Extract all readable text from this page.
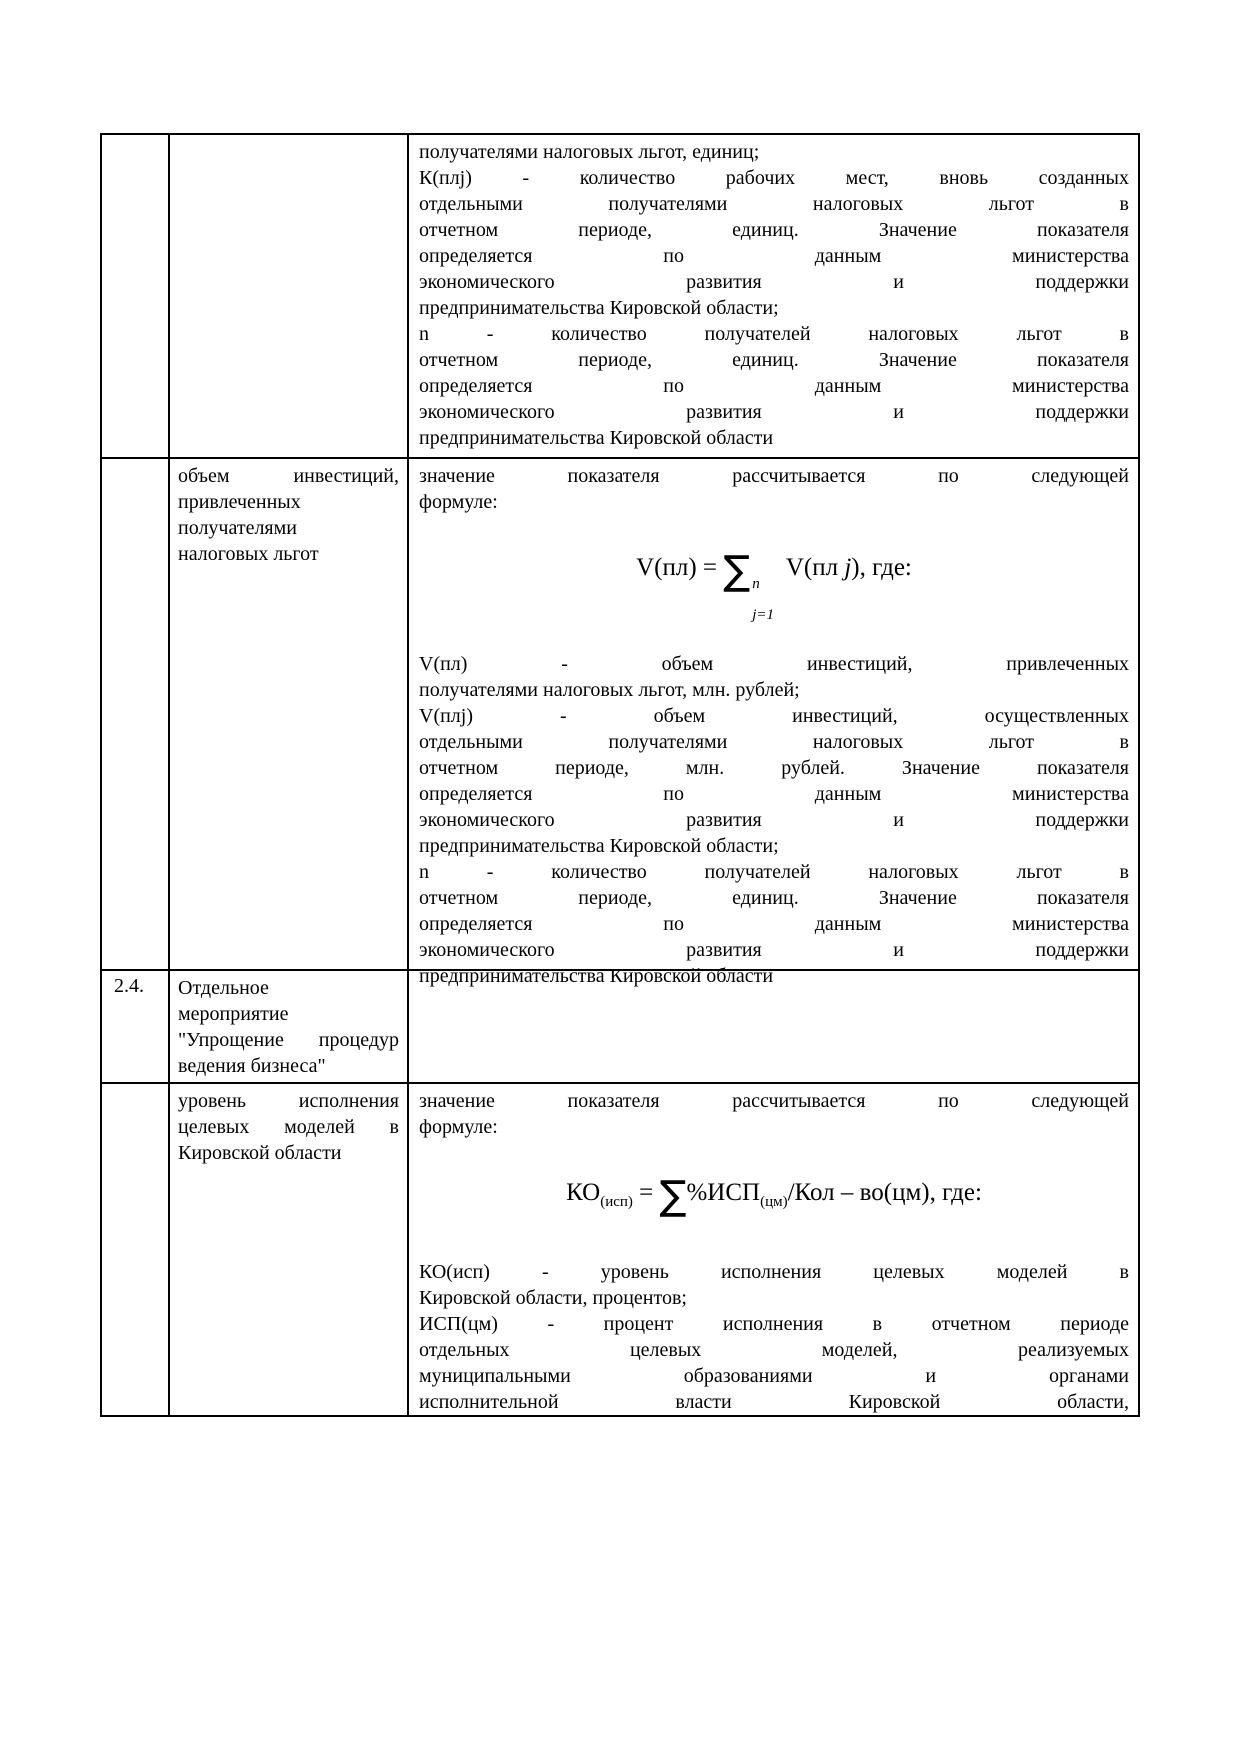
получателями налоговых льгот, единиц;
К(плj) - количество рабочих мест, вновь созданных
отдельными получателями налоговых льгот в
отчетном периоде, единиц. Значение показателя
определяется по данным министерства
экономического развития и поддержки
предпринимательства Кировской области;
n - количество получателей налоговых льгот в
отчетном периоде, единиц. Значение показателя
определяется по данным министерства
экономического развития и поддержки
предпринимательства Кировской области
объем инвестиций,
привлеченных
получателями
налоговых льгот
значение показателя рассчитывается по следующей
формуле:
V(пл) = ∑ n
j=1
V(пл j), где:
V(пл) - объем инвестиций, привлеченных
получателями налоговых льгот, млн. рублей;
V(плj) - объем инвестиций, осуществленных
отдельными получателями налоговых льгот в
отчетном периоде, млн. рублей. Значение показателя
определяется по данным министерства
экономического развития и поддержки
предпринимательства Кировской области;
n - количество получателей налоговых льгот в
отчетном периоде, единиц. Значение показателя
определяется по данным министерства
экономического развития и поддержки
предпринимательства Кировской области
2.4.	Отдельное
мероприятие
"Упрощение процедур
ведения бизнеса"
уровень исполнения
целевых моделей в
Кировской области
значение показателя рассчитывается по следующей
формуле:
$КО_{(исп)} = \sum\%ИСП_{(цм)}/Кол - во(цм)$, где:
КО(исп) - уровень исполнения целевых моделей в
Кировской области, процентов;
ИСП(цм) - процент исполнения в отчетном периоде
отдельных целевых моделей, реализуемых
муниципальными образованиями и органами
исполнительной власти Кировской области,
